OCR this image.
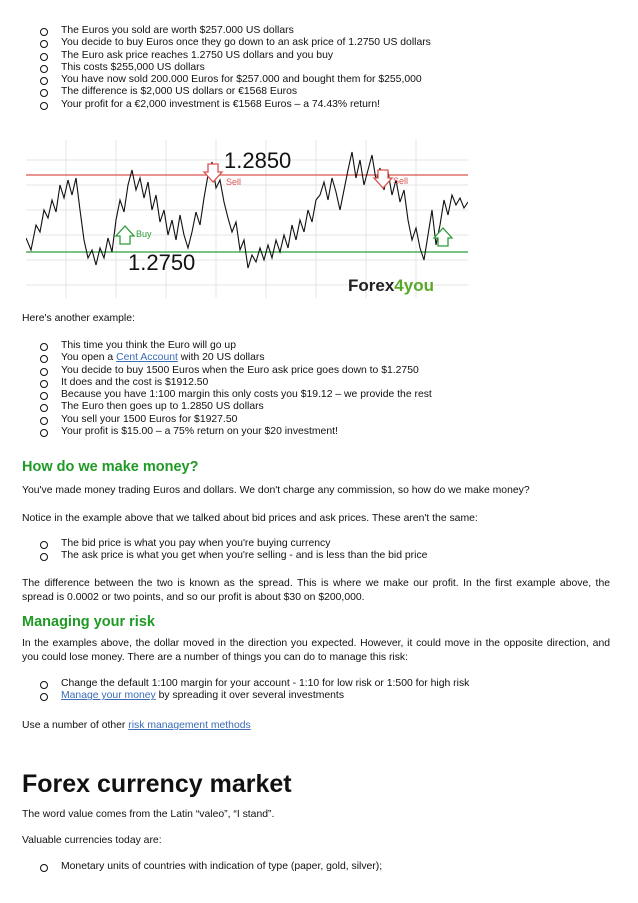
The Euros you sold are worth $257.000 US dollars
You decide to buy Euros once they go down to an ask price of 1.2750 US dollars
The Euro ask price reaches 1.2750 US dollars and you buy
This costs $255,000 US dollars
You have now sold 200.000 Euros for $257.000 and bought them for $255,000
The difference is $2,000 US dollars or €1568 Euros
Your profit for a €2,000 investment is €1568 Euros – a 74.43% return!
1.2850
Sell	Sell
Buy
1.2750
Forex4you
Here's another example:
This time you think the Euro will go up
You open a Cent Account with 20 US dollars
You decide to buy 1500 Euros when the Euro ask price goes down to $1.2750
It does and the cost is $1912.50
Because you have 1:100 margin this only costs you $19.12 – we provide the rest
The Euro then goes up to 1.2850 US dollars
You sell your 1500 Euros for $1927.50
Your profit is $15.00 – a 75% return on your $20 investment!
How do we make money?
You've made money trading Euros and dollars. We don't charge any commission, so how do we make money?
Notice in the example above that we talked about bid prices and ask prices. These aren't the same:
The bid price is what you pay when you're buying currency
The ask price is what you get when you're selling - and is less than the bid price
The difference between the two is known as the spread. This is where we make our profit. In the first example above, the spread is 0.0002 or two points, and so our profit is about $30 on $200,000.
Managing your risk
In the examples above, the dollar moved in the direction you expected. However, it could move in the opposite direction, and you could lose money. There are a number of things you can do to manage this risk:
Change the default 1:100 margin for your account - 1:10 for low risk or 1:500 for high risk
Manage your money by spreading it over several investments
Use a number of other risk management methods
Forex currency market
The word value comes from the Latin “valeo”, “I stand”.
Valuable currencies today are:
Monetary units of countries with indication of type (paper, gold, silver);
